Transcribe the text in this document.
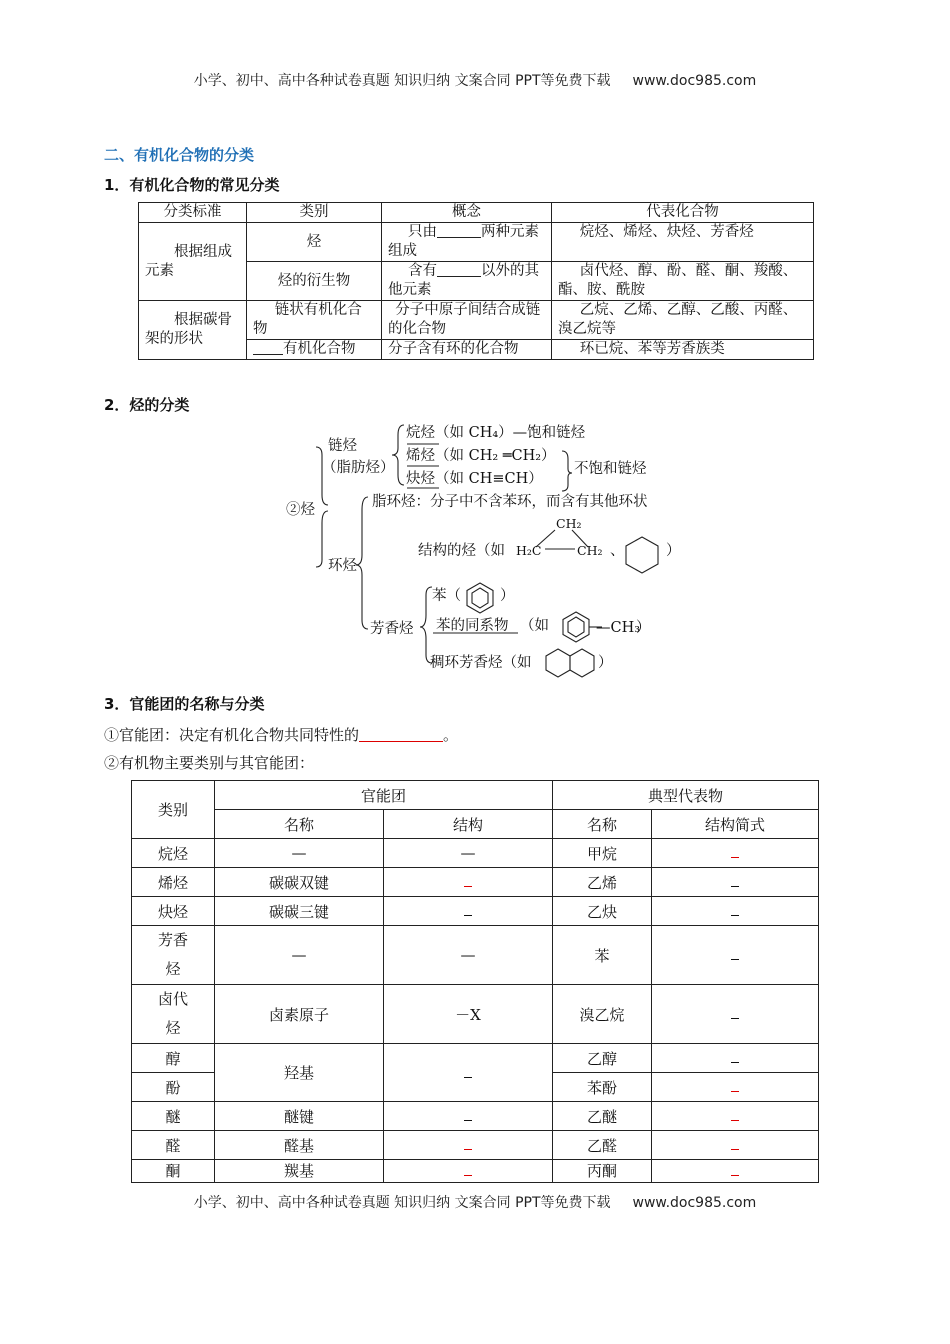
小学、初中、高中各种试卷真题 知识归纳 文案合同 PPT等免费下载 www.doc985.com
二、有机化合物的分类
1．有机化合物的常见分类
分类标准	类别	概念	代表化合物
根据组成元素	烃	只由 两种元素组成	烷烃、烯烃、炔烃、芳香烃
	烃的衍生物	含有 以外的其他元素	卤代烃、醇、酚、醛、酮、羧酸、酯、胺、酰胺
根据碳骨架的形状	链状有机化合物	分子中原子间结合成链的化合物	乙烷、乙烯、乙醇、乙酸、丙醛、溴乙烷等
	有机化合物	分子含有环的化合物	环已烷、苯等芳香族类
2．烃的分类
链烃
（脂肪烃）
②烃
烷烃（如 CH₄）—饱和链烃
烯烃（如 CH₂ ═CH₂）
炔烃（如 CH≡CH）
不饱和链烃
脂环烃：分子中不含苯环，而含有其他环状
环烃
结构的烃（如
CH₂
H₂C	CH₂ 、	）
芳香烃
苯（	）
苯的同系物 （如	—CH₃
）
稠环芳香烃（如	）
3．官能团的名称与分类
①官能团：决定有机化合物共同特性的	。
②有机物主要类别与其官能团：
类别	官能团		典型代表物	
	名称	结构	名称	结构简式
烷烃	—	—	甲烷	
烯烃	碳碳双键		乙烯	
炔烃	碳碳三键		乙炔	
芳香烃	—	—	苯	
卤代烃	卤素原子	－X	溴乙烷	
醇	羟基		乙醇	
酚			苯酚	
醚	醚键		乙醚	
醛	醛基		乙醛	
酮	羰基		丙酮	
小学、初中、高中各种试卷真题 知识归纳 文案合同 PPT等免费下载 www.doc985.com
